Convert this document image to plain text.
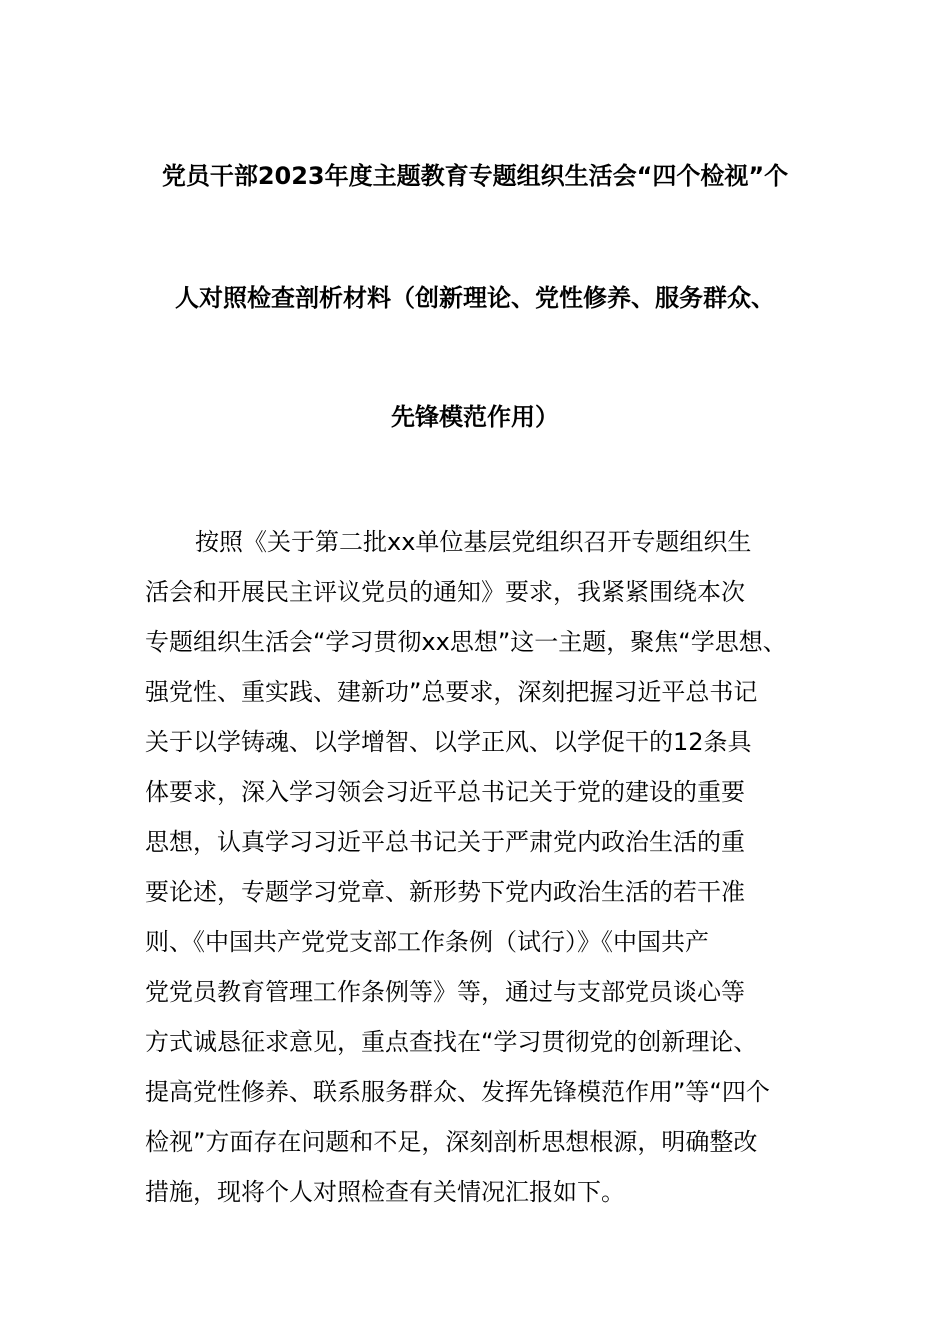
党员干部2023年度主题教育专题组织生活会“四个检视”个
人对照检查剖析材料（创新理论、党性修养、服务群众、
先锋模范作用）
按照《关于第二批xx单位基层党组织召开专题组织生
活会和开展民主评议党员的通知》要求，我紧紧围绕本次
专题组织生活会“学习贯彻xx思想”这一主题，聚焦“学思想、
强党性、重实践、建新功”总要求，深刻把握习近平总书记
关于以学铸魂、以学增智、以学正风、以学促干的12条具
体要求，深入学习领会习近平总书记关于党的建设的重要
思想，认真学习习近平总书记关于严肃党内政治生活的重
要论述，专题学习党章、新形势下党内政治生活的若干准
则、《中国共产党党支部工作条例（试行）》《中国共产
党党员教育管理工作条例等》等，通过与支部党员谈心等
方式诚恳征求意见，重点查找在“学习贯彻党的创新理论、
提高党性修养、联系服务群众、发挥先锋模范作用”等“四个
检视”方面存在问题和不足，深刻剖析思想根源，明确整改
措施，现将个人对照检查有关情况汇报如下。
